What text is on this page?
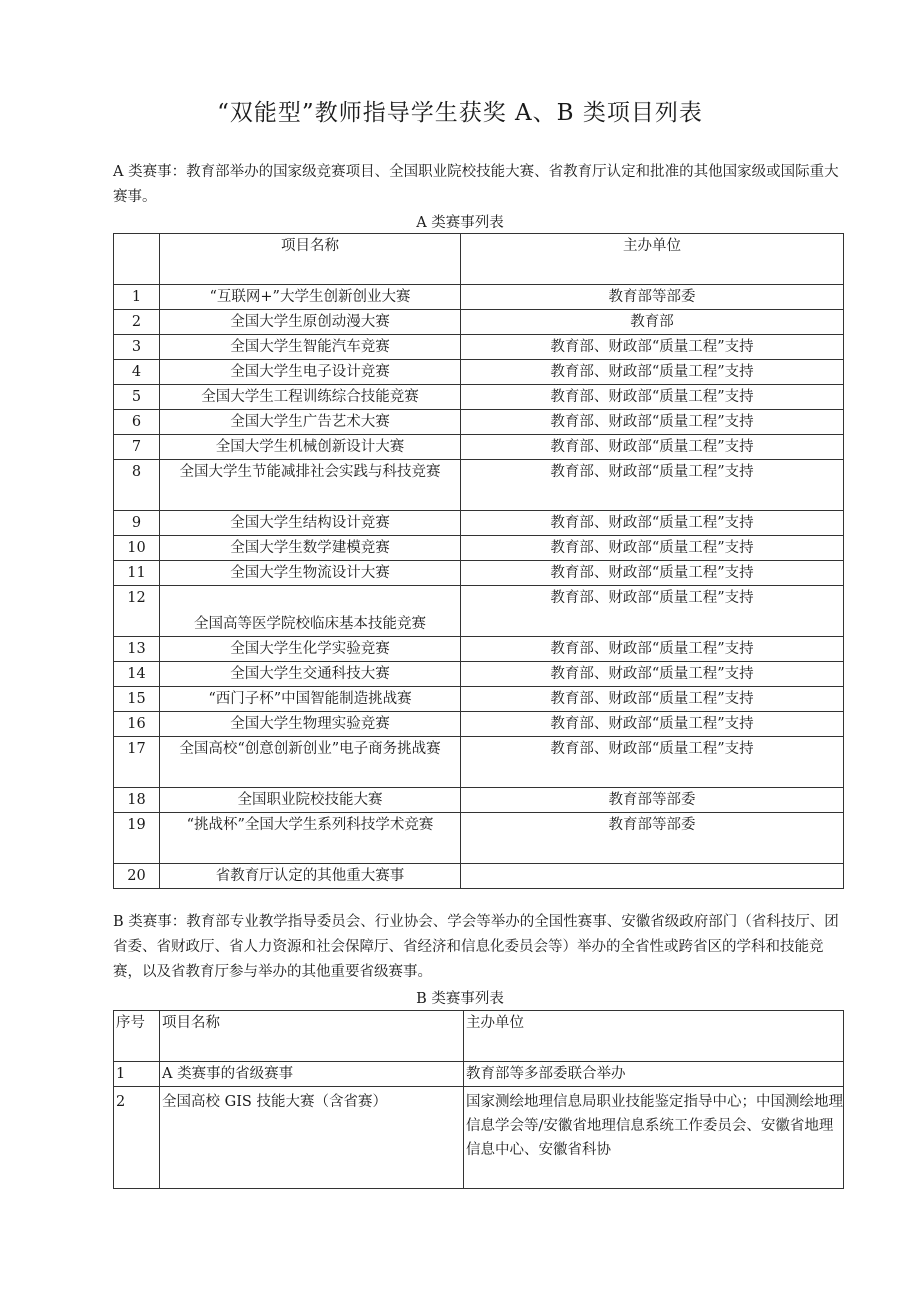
“双能型”教师指导学生获奖 A、B 类项目列表

A 类赛事：教育部举办的国家级竞赛项目、全国职业院校技能大赛、省教育厅认定和批准的其他国家级或国际重大赛事。

A 类赛事列表
	项目名称	主办单位
1	“互联网+”大学生创新创业大赛	教育部等部委
2	全国大学生原创动漫大赛	教育部
3	全国大学生智能汽车竞赛	教育部、财政部“质量工程”支持
4	全国大学生电子设计竞赛	教育部、财政部“质量工程”支持
5	全国大学生工程训练综合技能竞赛	教育部、财政部“质量工程”支持
6	全国大学生广告艺术大赛	教育部、财政部“质量工程”支持
7	全国大学生机械创新设计大赛	教育部、财政部“质量工程”支持
8	全国大学生节能减排社会实践与科技竞赛	教育部、财政部“质量工程”支持
9	全国大学生结构设计竞赛	教育部、财政部“质量工程”支持
10	全国大学生数学建模竞赛	教育部、财政部“质量工程”支持
11	全国大学生物流设计大赛	教育部、财政部“质量工程”支持
12	全国高等医学院校临床基本技能竞赛	教育部、财政部“质量工程”支持
13	全国大学生化学实验竞赛	教育部、财政部“质量工程”支持
14	全国大学生交通科技大赛	教育部、财政部“质量工程”支持
15	“西门子杯”中国智能制造挑战赛	教育部、财政部“质量工程”支持
16	全国大学生物理实验竞赛	教育部、财政部“质量工程”支持
17	全国高校“创意创新创业”电子商务挑战赛	教育部、财政部“质量工程”支持
18	全国职业院校技能大赛	教育部等部委
19	“挑战杯”全国大学生系列科技学术竞赛	教育部等部委
20	省教育厅认定的其他重大赛事	

B 类赛事：教育部专业教学指导委员会、行业协会、学会等举办的全国性赛事、安徽省级政府部门（省科技厅、团省委、省财政厅、省人力资源和社会保障厅、省经济和信息化委员会等）举办的全省性或跨省区的学科和技能竞赛，以及省教育厅参与举办的其他重要省级赛事。

B 类赛事列表
序号	项目名称	主办单位
1	A 类赛事的省级赛事	教育部等多部委联合举办
2	全国高校 GIS 技能大赛（含省赛）	国家测绘地理信息局职业技能鉴定指导中心；中国测绘地理信息学会等/安徽省地理信息系统工作委员会、安徽省地理信息中心、安徽省科协
